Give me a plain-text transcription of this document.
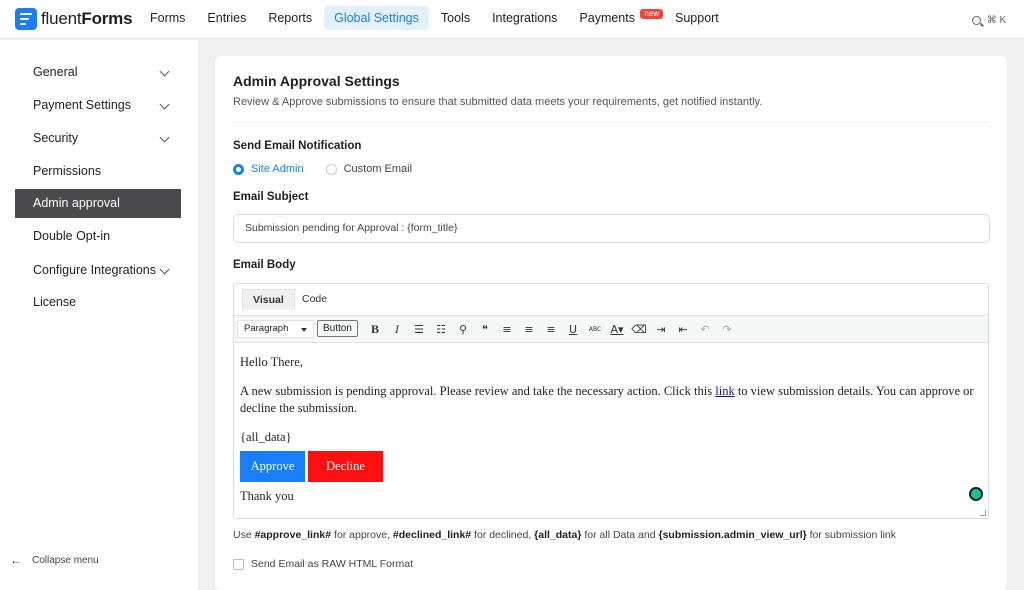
fluentForms	Forms	Entries	Reports	Global Settings	Tools	Integrations	Payments	new	Support	⌘ K
General
Payment Settings
Security
Permissions
Admin approval
Double Opt-in
Configure Integrations
License
← Collapse menu
Admin Approval Settings
Review & Approve submissions to ensure that submitted data meets your requirements, get notified instantly.
Send Email Notification
Site Admin	Custom Email
Email Subject
Submission pending for Approval : {form_title}
Email Body
Visual	Code
Paragraph	Button	B	I	☰	☷	⚲	❝	≡	≡	≡	U	ABC A▾ ⌫ ⇥	⇤	↶	↷

Hello There,

A new submission is pending approval. Please review and take the necessary action. Click this link to view submission details. You can approve or decline the submission.

{all_data}

Approve	Decline

Thank you

Use #approve_link# for approve, #declined_link# for declined, {all_data} for all Data and {submission.admin_view_url} for submission link
Send Email as RAW HTML Format
